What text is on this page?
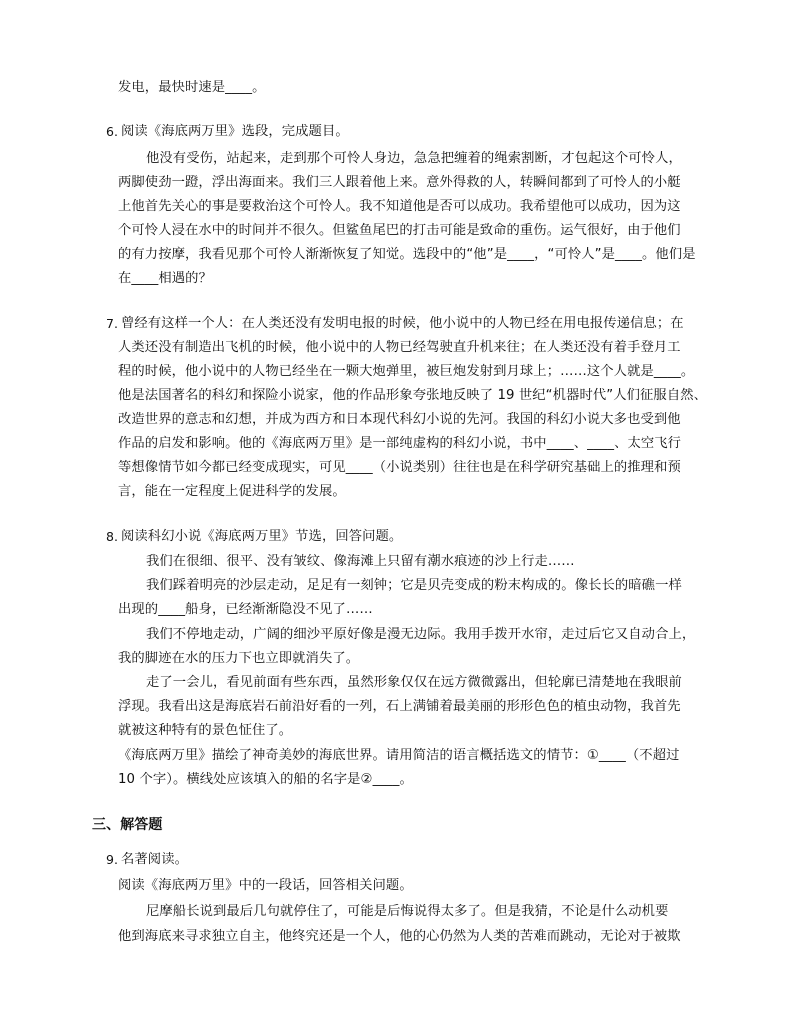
发电，最快时速是____。
6. 阅读《海底两万里》选段，完成题目。
他没有受伤，站起来，走到那个可怜人身边，急急把缠着的绳索割断，才包起这个可怜人，
两脚使劲一蹬，浮出海面来。我们三人跟着他上来。意外得救的人，转瞬间都到了可怜人的小艇
上他首先关心的事是要救治这个可怜人。我不知道他是否可以成功。我希望他可以成功，因为这
个可怜人浸在水中的时间并不很久。但鲨鱼尾巴的打击可能是致命的重伤。运气很好，由于他们
的有力按摩，我看见那个可怜人渐渐恢复了知觉。选段中的“他”是____，“可怜人”是____。他们是
在____相遇的？
7. 曾经有这样一个人：在人类还没有发明电报的时候，他小说中的人物已经在用电报传递信息；在
人类还没有制造出飞机的时候，他小说中的人物已经驾驶直升机来往；在人类还没有着手登月工
程的时候，他小说中的人物已经坐在一颗大炮弹里，被巨炮发射到月球上；……这个人就是____。
他是法国著名的科幻和探险小说家，他的作品形象夸张地反映了 19 世纪“机器时代”人们征服自然、
改造世界的意志和幻想，并成为西方和日本现代科幻小说的先河。我国的科幻小说大多也受到他
作品的启发和影响。他的《海底两万里》是一部纯虚构的科幻小说，书中____、____、太空飞行
等想像情节如今都已经变成现实，可见____（小说类别）往往也是在科学研究基础上的推理和预
言，能在一定程度上促进科学的发展。
8. 阅读科幻小说《海底两万里》节选，回答问题。
我们在很细、很平、没有皱纹、像海滩上只留有潮水痕迹的沙上行走……
我们踩着明亮的沙层走动，足足有一刻钟；它是贝壳变成的粉末构成的。像长长的暗礁一样
出现的____船身，已经渐渐隐没不见了……
我们不停地走动，广阔的细沙平原好像是漫无边际。我用手拨开水帘，走过后它又自动合上，
我的脚迹在水的压力下也立即就消失了。
走了一会儿，看见前面有些东西，虽然形象仅仅在远方微微露出，但轮廓已清楚地在我眼前
浮现。我看出这是海底岩石前沿好看的一列，石上满铺着最美丽的形形色色的植虫动物，我首先
就被这种特有的景色怔住了。
《海底两万里》描绘了神奇美妙的海底世界。请用简洁的语言概括选文的情节：①____（不超过
10 个字）。横线处应该填入的船的名字是②____。
三、解答题
9. 名著阅读。
阅读《海底两万里》中的一段话，回答相关问题。
尼摩船长说到最后几句就停住了，可能是后悔说得太多了。但是我猜，不论是什么动机要
他到海底来寻求独立自主，他终究还是一个人，他的心仍然为人类的苦难而跳动，无论对于被欺
